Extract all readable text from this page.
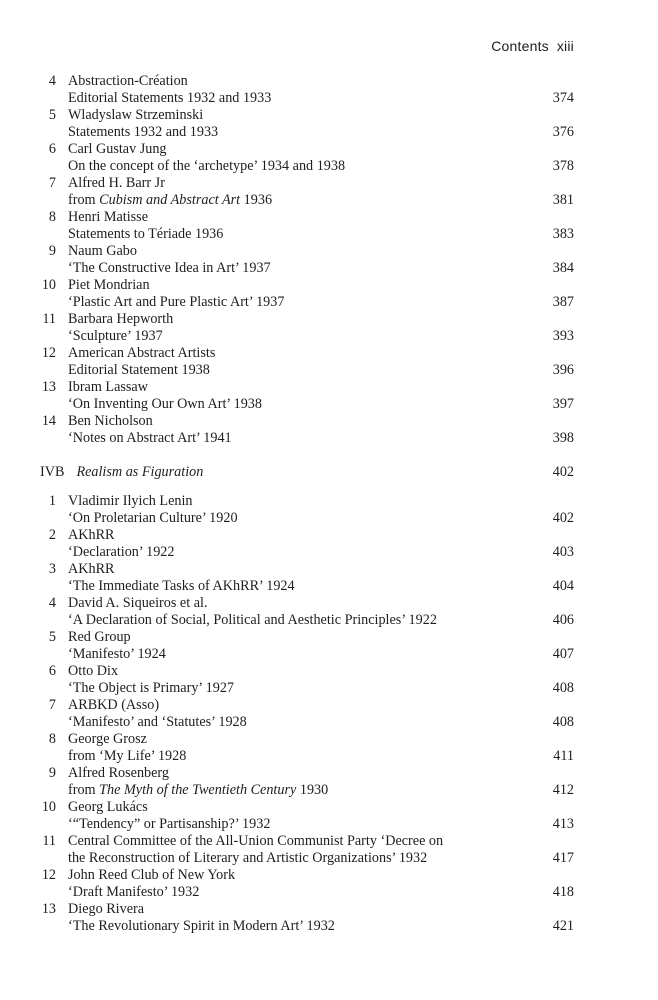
Contents xiii
4 Abstraction-Création
Editorial Statements 1932 and 1933	374
5 Wladyslaw Strzeminski
Statements 1932 and 1933	376
6 Carl Gustav Jung
On the concept of the ‘archetype’ 1934 and 1938	378
7 Alfred H. Barr Jr
from Cubism and Abstract Art 1936	381
8 Henri Matisse
Statements to Tériade 1936	383
9 Naum Gabo
‘The Constructive Idea in Art’ 1937	384
10 Piet Mondrian
‘Plastic Art and Pure Plastic Art’ 1937	387
11 Barbara Hepworth
‘Sculpture’ 1937	393
12 American Abstract Artists
Editorial Statement 1938	396
13 Ibram Lassaw
‘On Inventing Our Own Art’ 1938	397
14 Ben Nicholson
‘Notes on Abstract Art’ 1941	398
IVB Realism as Figuration	402
1 Vladimir Ilyich Lenin
‘On Proletarian Culture’ 1920	402
2 AKhRR
‘Declaration’ 1922	403
3 AKhRR
‘The Immediate Tasks of AKhRR’ 1924	404
4 David A. Siqueiros et al.
‘A Declaration of Social, Political and Aesthetic Principles’ 1922	406
5 Red Group
‘Manifesto’ 1924	407
6 Otto Dix
‘The Object is Primary’ 1927	408
7 ARBKD (Asso)
‘Manifesto’ and ‘Statutes’ 1928	408
8 George Grosz
from ‘My Life’ 1928	411
9 Alfred Rosenberg
from The Myth of the Twentieth Century 1930	412
10 Georg Lukács
‘“Tendency” or Partisanship?’ 1932	413
11 Central Committee of the All-Union Communist Party ‘Decree on
the Reconstruction of Literary and Artistic Organizations’ 1932	417
12 John Reed Club of New York
‘Draft Manifesto’ 1932	418
13 Diego Rivera
‘The Revolutionary Spirit in Modern Art’ 1932	421
